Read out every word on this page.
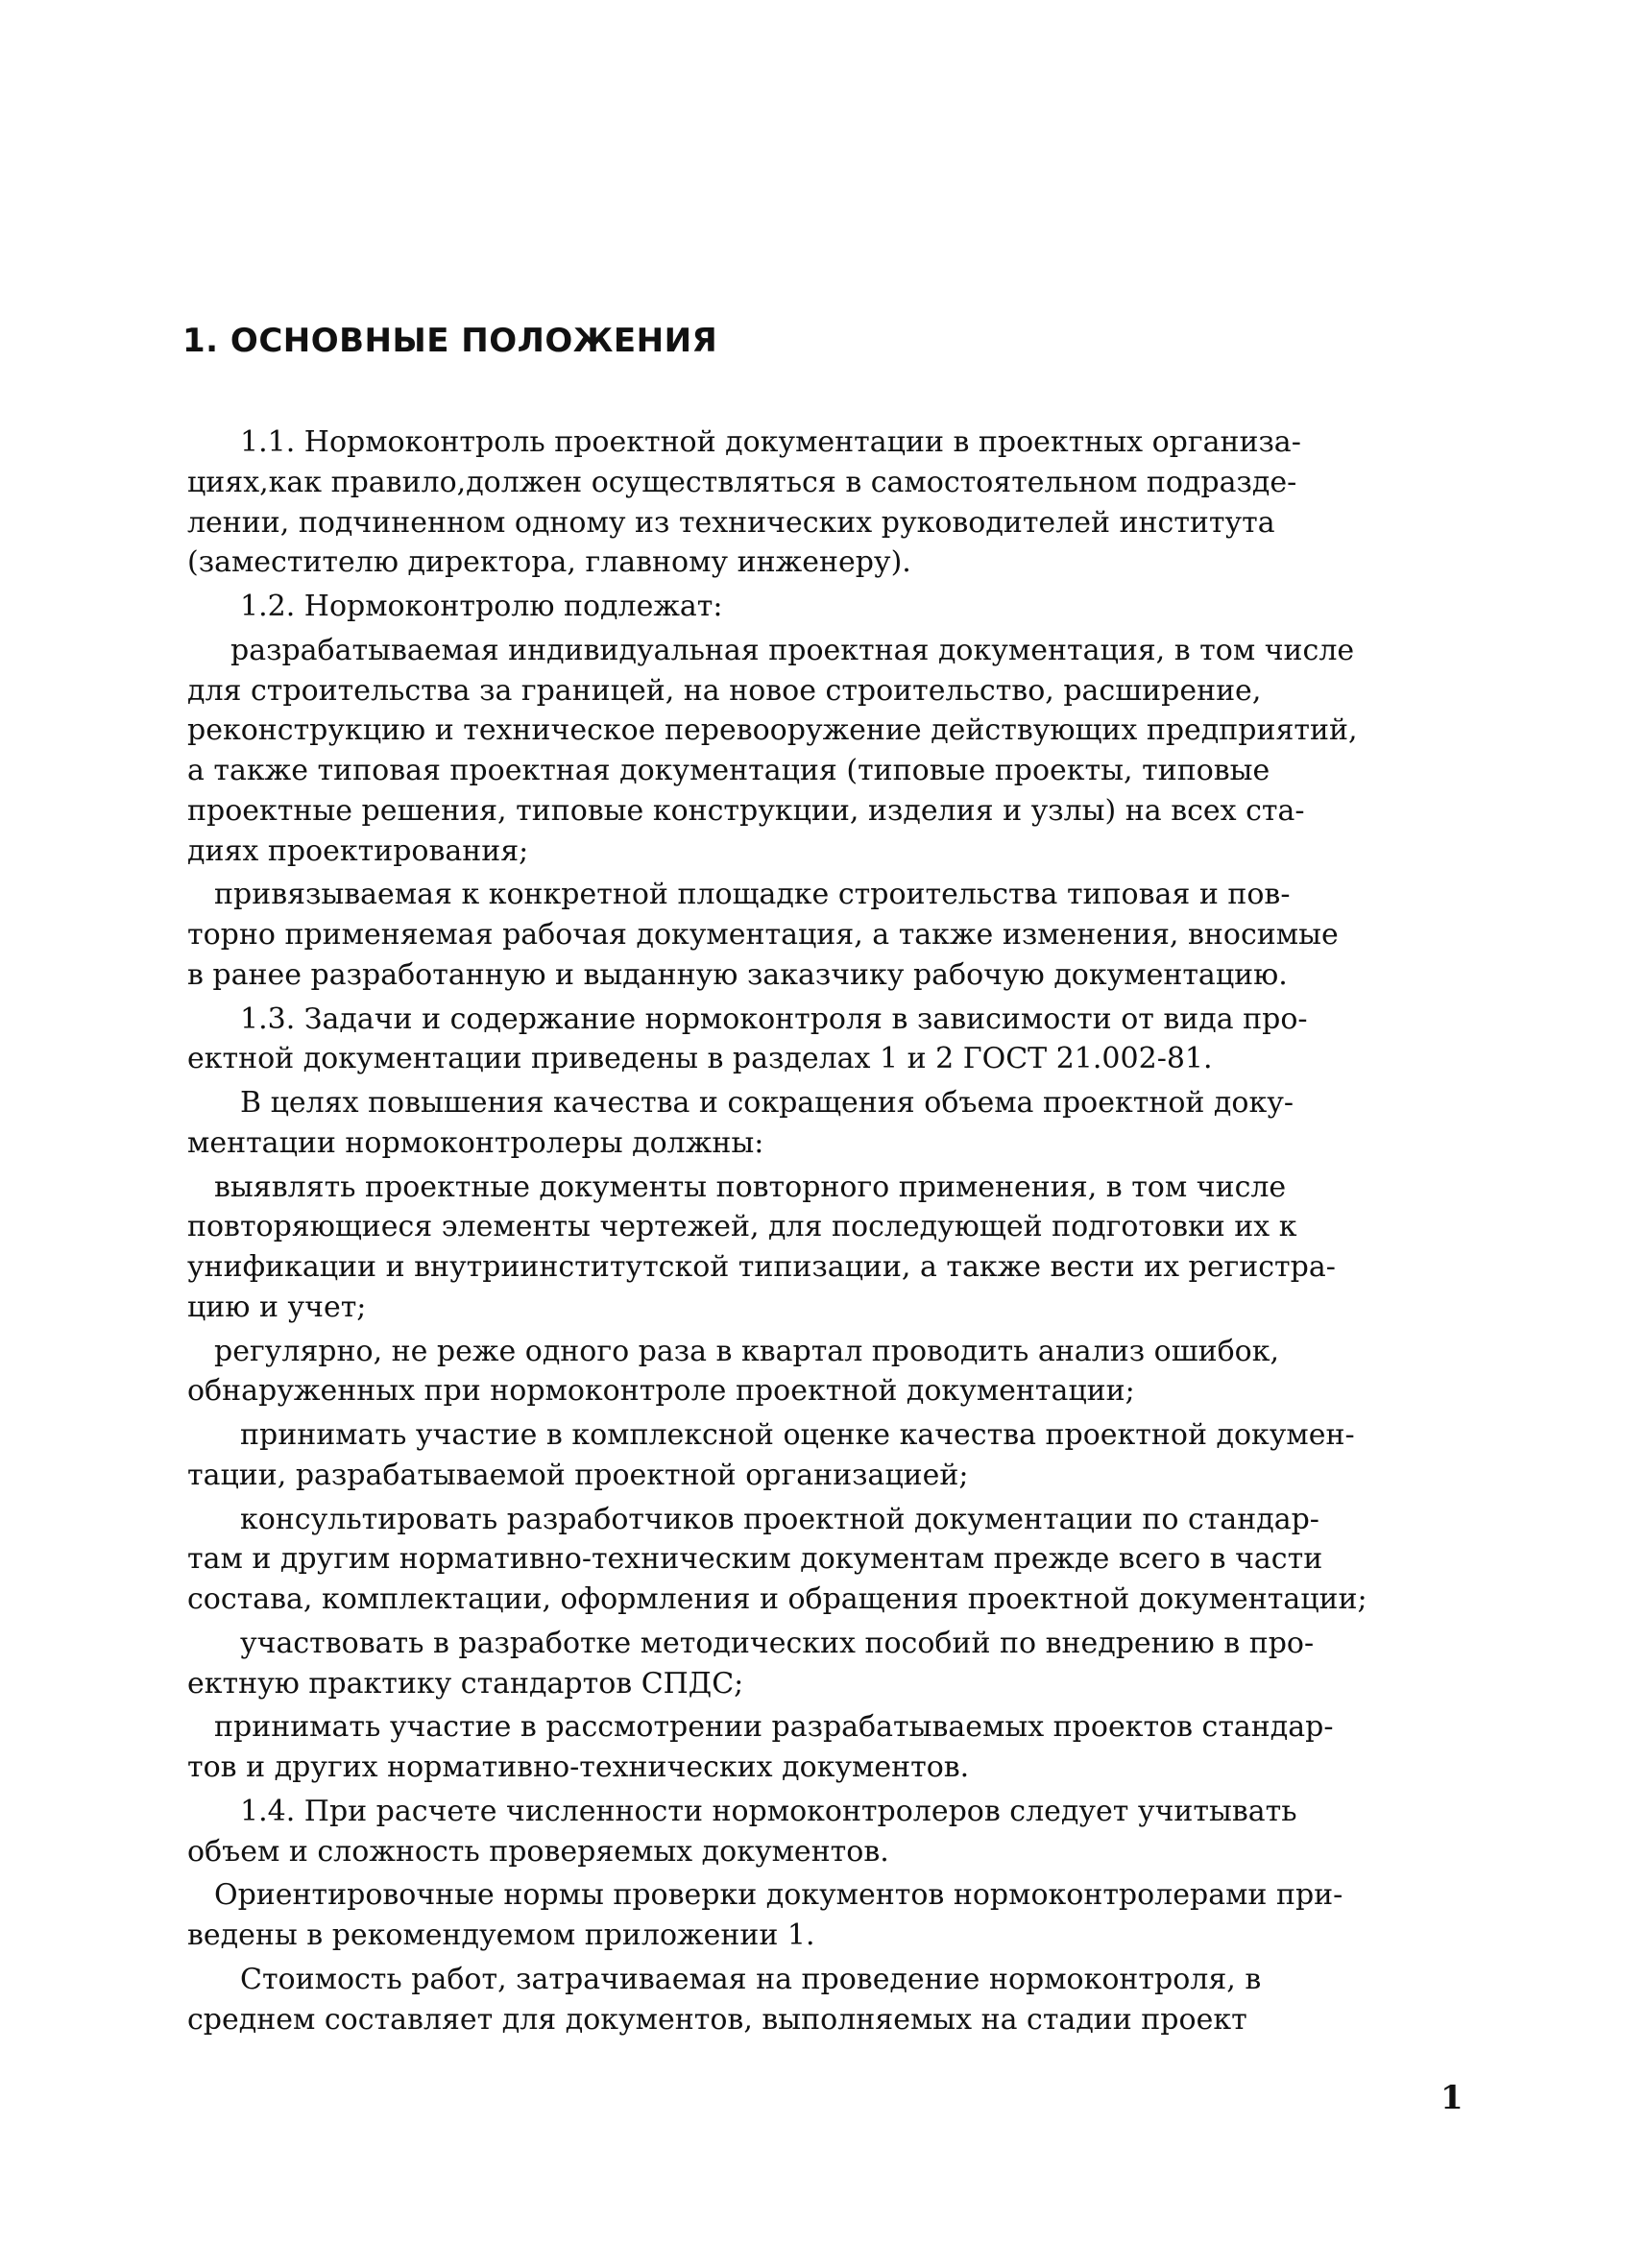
1. ОСНОВНЫЕ ПОЛОЖЕНИЯ
1.1. Нормоконтроль проектной документации в проектных организа-
циях,как правило,должен осуществляться в самостоятельном подразде-
лении, подчиненном одному из технических руководителей института
(заместителю директора, главному инженеру).
1.2. Нормоконтролю подлежат:
разрабатываемая индивидуальная проектная документация, в том числе
для строительства за границей, на новое строительство, расширение,
реконструкцию и техническое перевооружение действующих предприятий,
а также типовая проектная документация (типовые проекты, типовые
проектные решения, типовые конструкции, изделия и узлы) на всех ста-
диях проектирования;
привязываемая к конкретной площадке строительства типовая и пов-
торно применяемая рабочая документация, а также изменения, вносимые
в ранее разработанную и выданную заказчику рабочую документацию.
1.3. Задачи и содержание нормоконтроля в зависимости от вида про-
ектной документации приведены в разделах 1 и 2 ГОСТ 21.002-81.
В целях повышения качества и сокращения объема проектной доку-
ментации нормоконтролеры должны:
выявлять проектные документы повторного применения, в том числе
повторяющиеся элементы чертежей, для последующей подготовки их к
унификации и внутриинститутской типизации, а также вести их регистра-
цию и учет;
регулярно, не реже одного раза в квартал проводить анализ ошибок,
обнаруженных при нормоконтроле проектной документации;
принимать участие в комплексной оценке качества проектной докумен-
тации, разрабатываемой проектной организацией;
консультировать разработчиков проектной документации по стандар-
там и другим нормативно-техническим документам прежде всего в части
состава, комплектации, оформления и обращения проектной документации;
участвовать в разработке методических пособий по внедрению в про-
ектную практику стандартов СПДС;
принимать участие в рассмотрении разрабатываемых проектов стандар-
тов и других нормативно-технических документов.
1.4. При расчете численности нормоконтролеров следует учитывать
объем и сложность проверяемых документов.
Ориентировочные нормы проверки документов нормоконтролерами при-
ведены в рекомендуемом приложении 1.
Стоимость работ, затрачиваемая на проведение нормоконтроля, в
среднем составляет для документов, выполняемых на стадии проект
1
